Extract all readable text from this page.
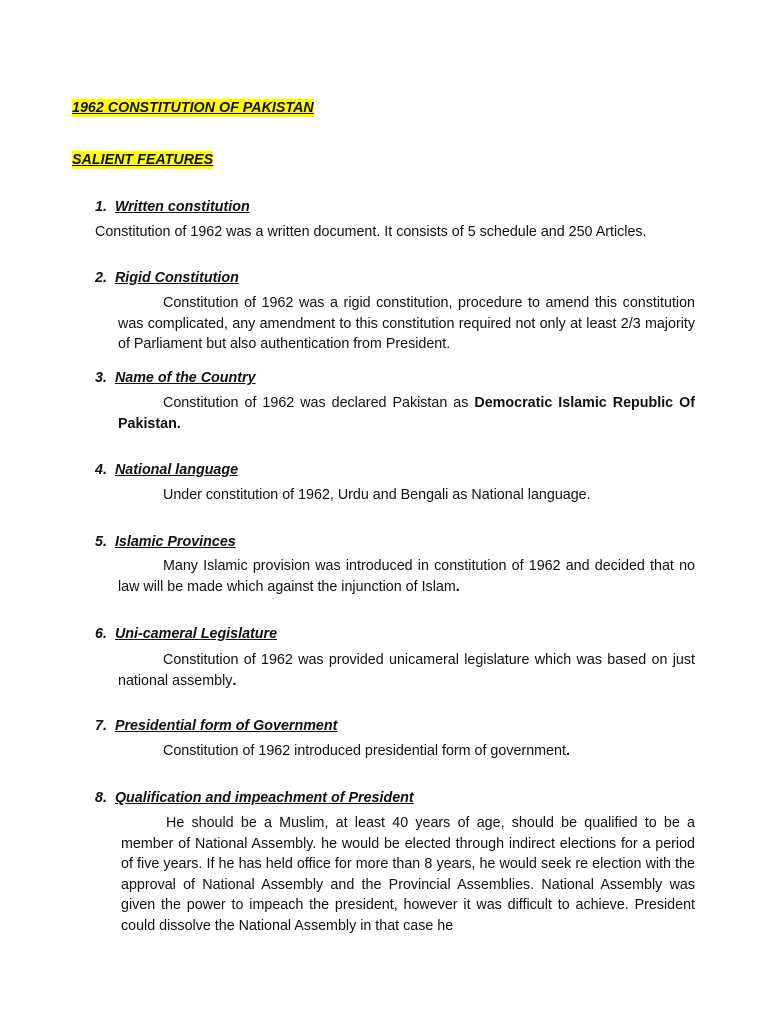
1962 CONSTITUTION OF PAKISTAN
SALIENT FEATURES
1. Written constitution
Constitution of 1962 was a written document. It consists of 5 schedule and 250 Articles.
2. Rigid Constitution

Constitution of 1962 was a rigid constitution, procedure to amend this constitution was complicated, any amendment to this constitution required not only at least 2/3 majority of Parliament but also authentication from President.

3. Name of the Country

Constitution of 1962 was declared Pakistan as Democratic Islamic Republic Of Pakistan.

4. National language

Under constitution of 1962, Urdu and Bengali as National language.

5. Islamic Provinces

Many Islamic provision was introduced in constitution of 1962 and decided that no law will be made which against the injunction of Islam.

6. Uni-cameral Legislature

Constitution of 1962 was provided unicameral legislature which was based on just national assembly.

7. Presidential form of Government

Constitution of 1962 introduced presidential form of government.

8. Qualification and impeachment of President

He should be a Muslim, at least 40 years of age, should be qualified to be a member of National Assembly. he would be elected through indirect elections for a period of five years. If he has held office for more than 8 years, he would seek re election with the approval of National Assembly and the Provincial Assemblies. National Assembly was given the power to impeach the president, however it was difficult to achieve. President could dissolve the National Assembly in that case he
